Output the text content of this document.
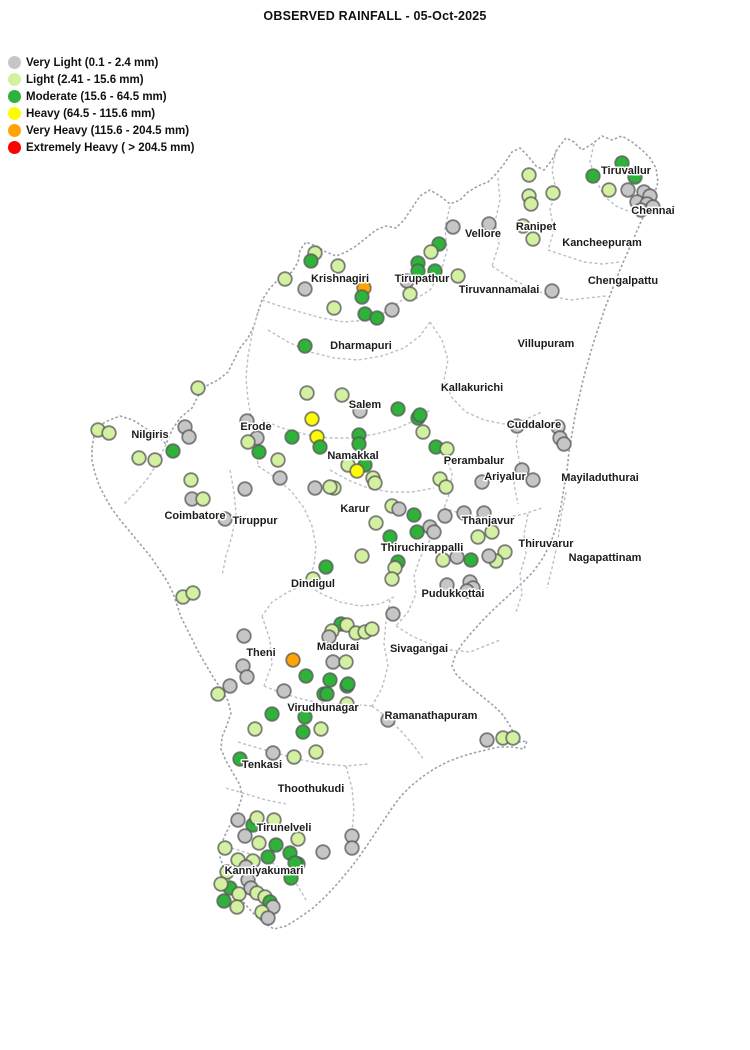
OBSERVED RAINFALL - 05-Oct-2025
Very Light (0.1 - 2.4 mm)
Light (2.41 - 15.6 mm)
Moderate (15.6 - 64.5 mm)
Heavy (64.5 - 115.6 mm)
Very Heavy (115.6 - 204.5 mm)
Extremely Heavy ( > 204.5 mm)
Tiruvallur
Chennai
Ranipet
Vellore
Kancheepuram
Chengalpattu
Tirupathur
Tiruvannamalai
Krishnagiri
Dharmapuri	Villupuram
Kallakurichi
Salem
Cuddalore
Nilgiris
Erode
Namakkal	Perambalur
Ariyalur	Mayiladuthurai
Coimbatore Tiruppur
Karur
Thanjavur
Thiruvarur
Thiruchirappalli
Nagapattinam
Pudukkottai
Dindigul
Theni	Madurai	Sivagangai
Virudhunagar
Ramanathapuram
Tenkasi
Thoothukudi
Tirunelveli
Kanniyakumari
